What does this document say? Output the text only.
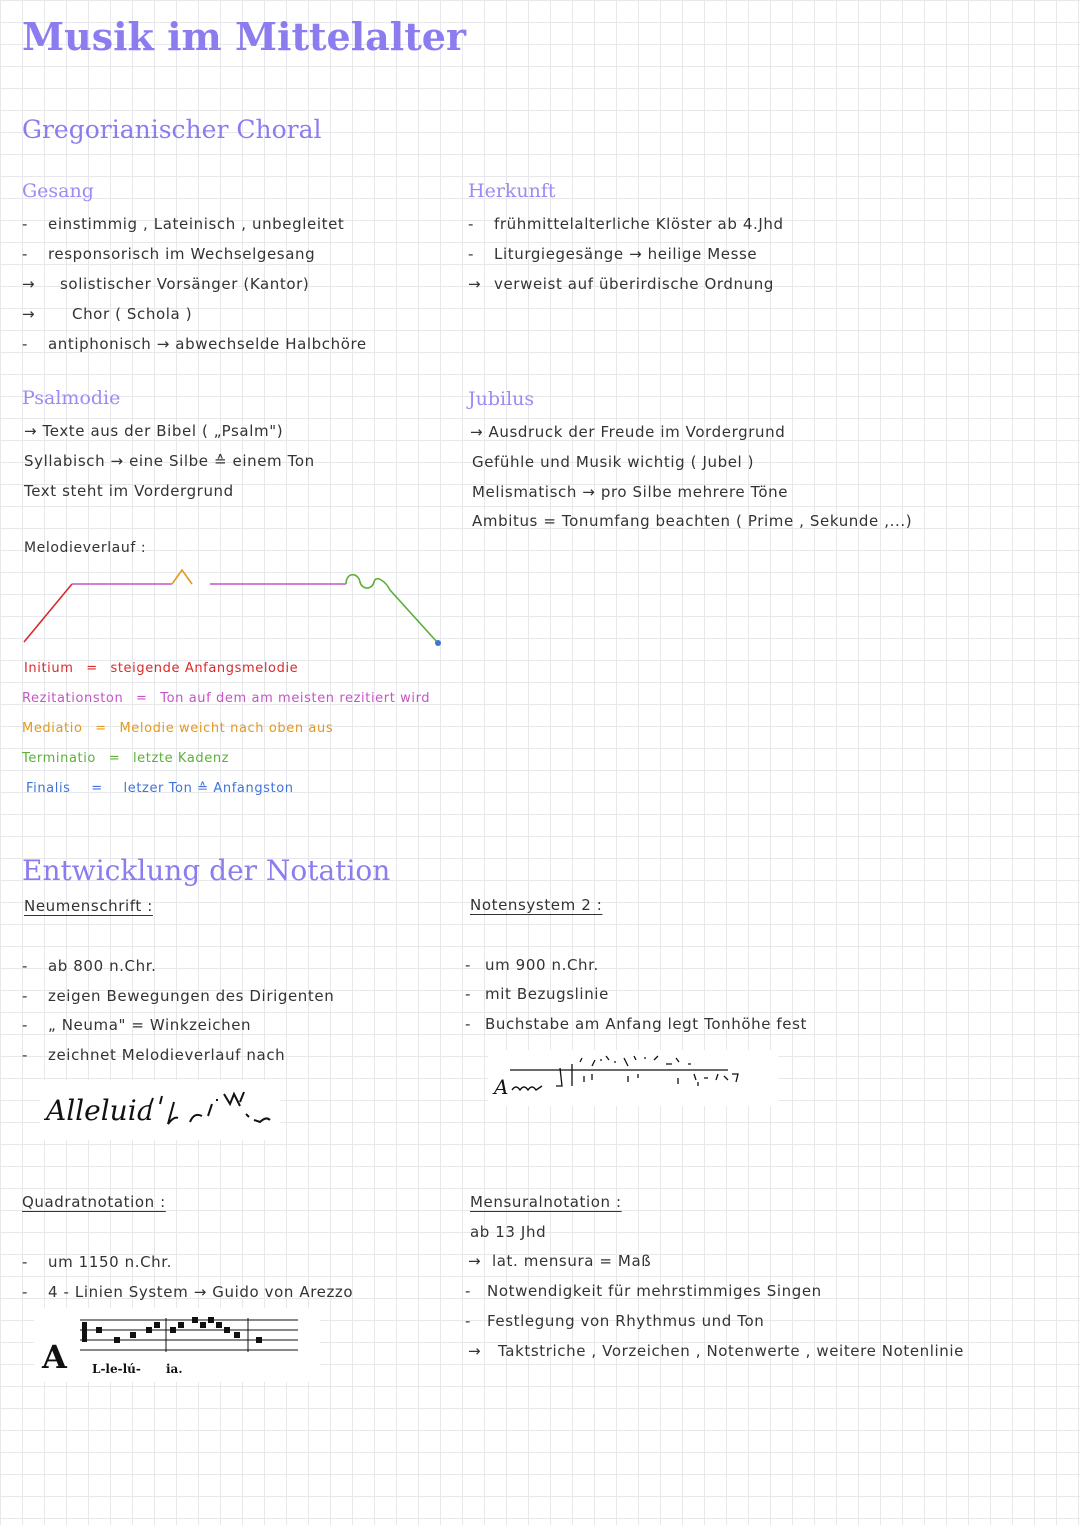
Musik im Mittelalter
Gregorianischer Choral
Gesang
- einstimmig , Lateinisch , unbegleitet
- responsorisch im Wechselgesang
→ solistischer Vorsänger (Kantor)
→ Chor ( Schola )
- antiphonisch → abwechselde Halbchöre
Herkunft
- frühmittelalterliche Klöster ab 4.Jhd
- Liturgiegesänge → heilige Messe
→ verweist auf überirdische Ordnung
Psalmodie
→ Texte aus der Bibel ( „Psalm")
Syllabisch → eine Silbe ≙ einem Ton
Text steht im Vordergrund
Jubilus
→ Ausdruck der Freude im Vordergrund
Gefühle und Musik wichtig ( Jubel )
Melismatisch → pro Silbe mehrere Töne
Ambitus = Tonumfang beachten ( Prime , Sekunde ,...)
Melodieverlauf :
Initium = steigende Anfangsmelodie
Rezitationston = Ton auf dem am meisten rezitiert wird
Mediatio = Melodie weicht nach oben aus
Terminatio = letzte Kadenz
Finalis = letzer Ton ≙ Anfangston
Entwicklung der Notation
Neumenschrift :
- ab 800 n.Chr.
- zeigen Bewegungen des Dirigenten
- „ Neuma" = Winkzeichen
- zeichnet Melodieverlauf nach
Alleluia
Notensystem 2 :
- um 900 n.Chr.
- mit Bezugslinie
- Buchstabe am Anfang legt Tonhöhe fest
A
Quadratnotation :
- um 1150 n.Chr.
- 4 - Linien System → Guido von Arezzo
A L-le-lú- ia.
Mensuralnotation :
ab 13 Jhd
→ lat. mensura = Maß
- Notwendigkeit für mehrstimmiges Singen
- Festlegung von Rhythmus und Ton
→ Taktstriche , Vorzeichen , Notenwerte , weitere Notenlinie
